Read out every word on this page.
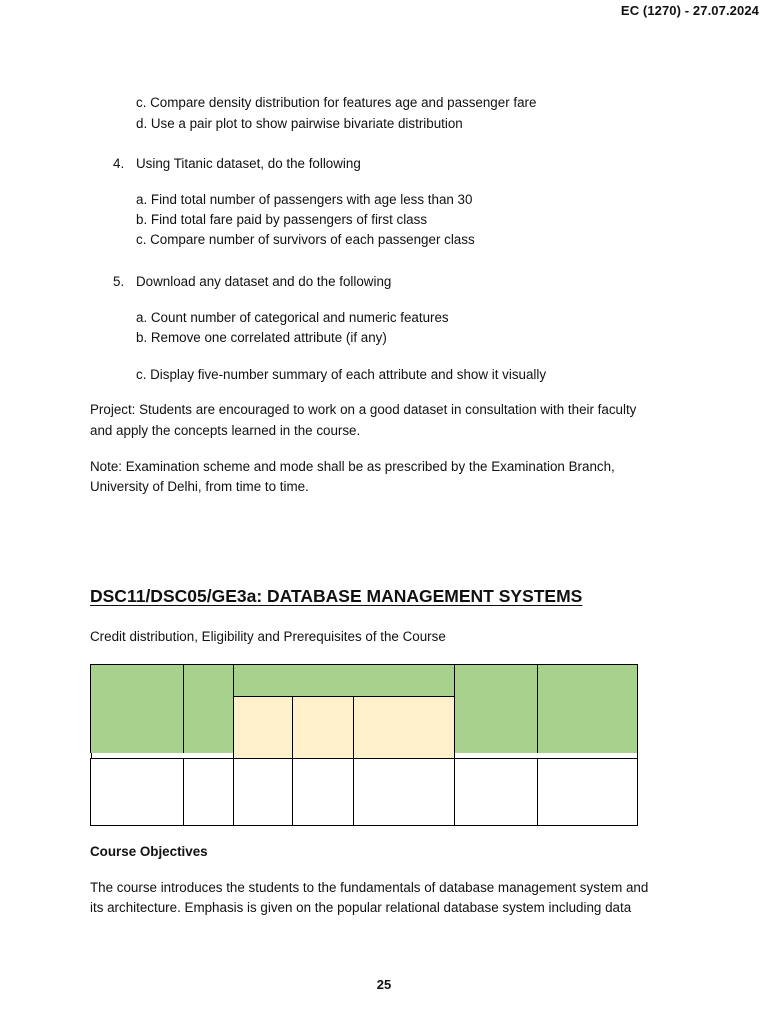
EC (1270) - 27.07.2024
c. Compare density distribution for features age and passenger fare
d. Use a pair plot to show pairwise bivariate distribution
4. Using Titanic dataset, do the following
a. Find total number of passengers with age less than 30
b. Find total fare paid by passengers of first class
c. Compare number of survivors of each passenger class
5. Download any dataset and do the following
a. Count number of categorical and numeric features
b. Remove one correlated attribute (if any)
c. Display five-number summary of each attribute and show it visually
Project: Students are encouraged to work on a good dataset in consultation with their faculty
and apply the concepts learned in the course.
Note: Examination scheme and mode shall be as prescribed by the Examination Branch,
University of Delhi, from time to time.
DSC11/DSC05/GE3a: DATABASE MANAGEMENT SYSTEMS
Credit distribution, Eligibility and Prerequisites of the Course
Course Objectives
The course introduces the students to the fundamentals of database management system and
its architecture. Emphasis is given on the popular relational database system including data
25
